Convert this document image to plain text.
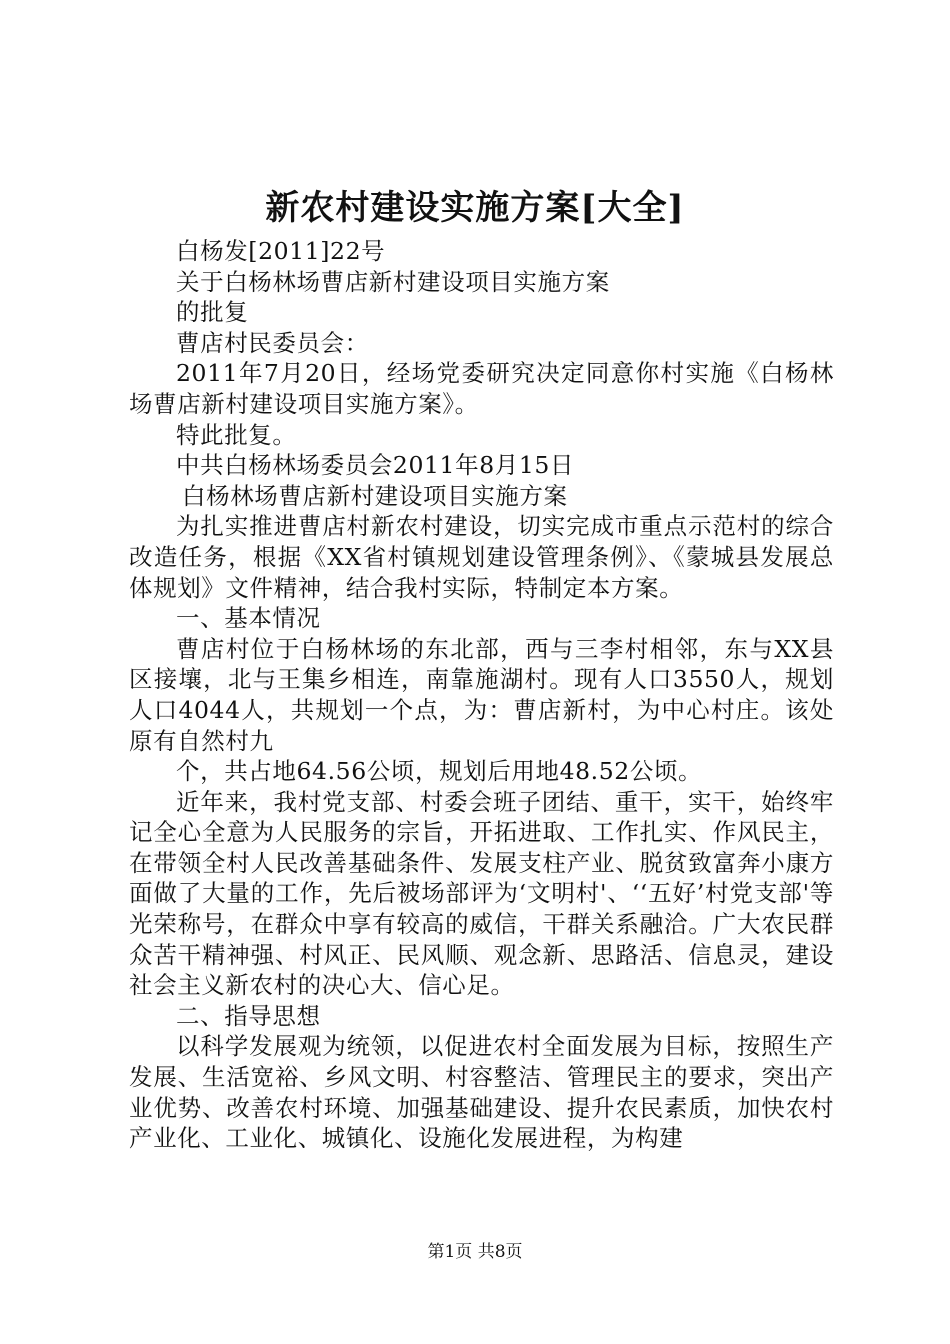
新农村建设实施方案[大全]

白杨发[2011]22号

关于白杨林场曹店新村建设项目实施方案

的批复

曹店村民委员会：

2011年7月20日，经场党委研究决定同意你村实施《白杨林场曹店新村建设项目实施方案》。

特此批复。

中共白杨林场委员会2011年8月15日

白杨林场曹店新村建设项目实施方案

为扎实推进曹店村新农村建设，切实完成市重点示范村的综合改造任务，根据《XX省村镇规划建设管理条例》、《蒙城县发展总体规划》文件精神，结合我村实际，特制定本方案。

一、基本情况

曹店村位于白杨林场的东北部，西与三李村相邻，东与XX县区接壤，北与王集乡相连，南靠施湖村。现有人口3550人，规划人口4044人，共规划一个点，为：曹店新村，为中心村庄。该处原有自然村九

个，共占地64.56公顷，规划后用地48.52公顷。

近年来，我村党支部、村委会班子团结、重干，实干，始终牢记全心全意为人民服务的宗旨，开拓进取、工作扎实、作风民主，在带领全村人民改善基础条件、发展支柱产业、脱贫致富奔小康方面做了大量的工作，先后被场部评为‘文明村'、‘‘五好’村党支部'等光荣称号，在群众中享有较高的威信，干群关系融洽。广大农民群众苦干精神强、村风正、民风顺、观念新、思路活、信息灵，建设社会主义新农村的决心大、信心足。

二、指导思想

以科学发展观为统领，以促进农村全面发展为目标，按照生产发展、生活宽裕、乡风文明、村容整洁、管理民主的要求，突出产业优势、改善农村环境、加强基础建设、提升农民素质，加快农村产业化、工业化、城镇化、设施化发展进程，为构建

第1页 共8页
